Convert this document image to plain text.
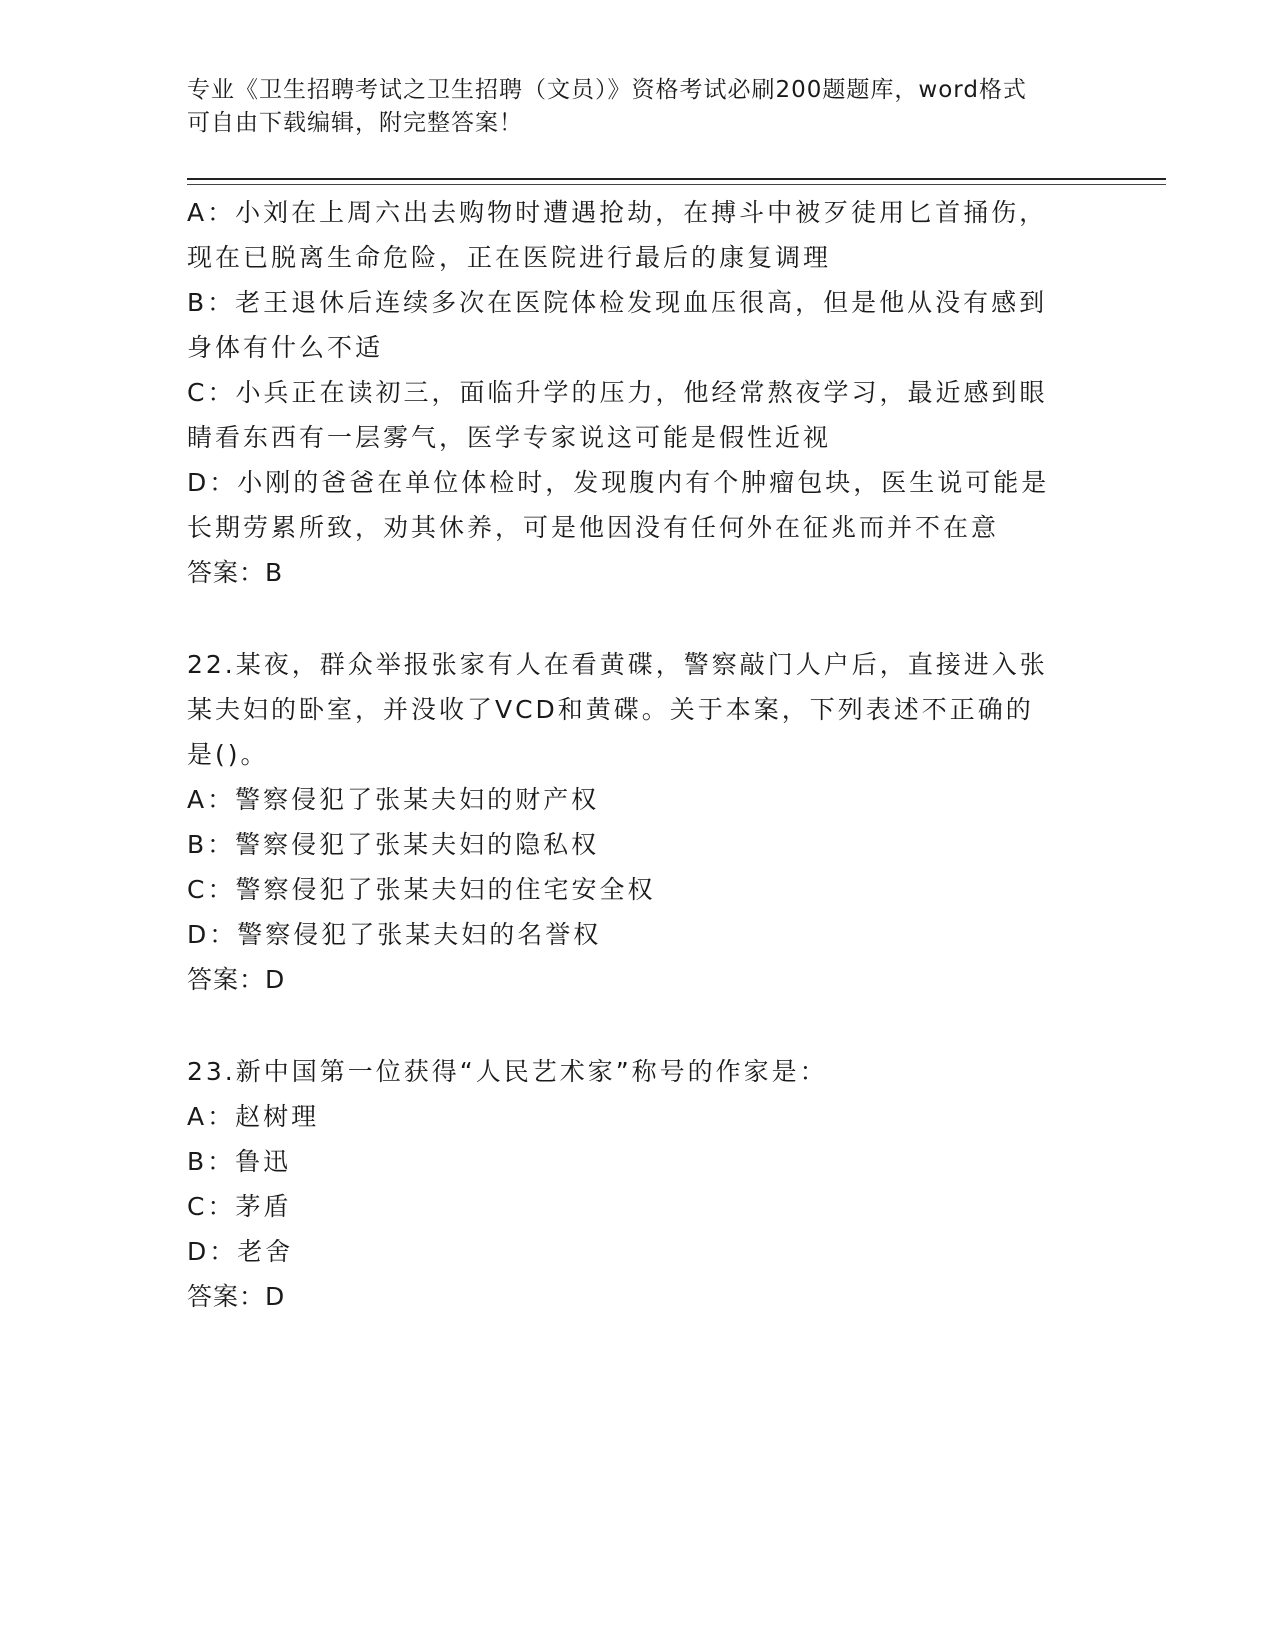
专业《卫生招聘考试之卫生招聘（文员）》资格考试必刷200题题库，word格式
可自由下载编辑，附完整答案！
A：小刘在上周六出去购物时遭遇抢劫，在搏斗中被歹徒用匕首捅伤，
现在已脱离生命危险，正在医院进行最后的康复调理
B：老王退休后连续多次在医院体检发现血压很高，但是他从没有感到
身体有什么不适
C：小兵正在读初三，面临升学的压力，他经常熬夜学习，最近感到眼
睛看东西有一层雾气，医学专家说这可能是假性近视
D：小刚的爸爸在单位体检时，发现腹内有个肿瘤包块，医生说可能是
长期劳累所致，劝其休养，可是他因没有任何外在征兆而并不在意
答案：B
22.某夜，群众举报张家有人在看黄碟，警察敲门人户后，直接进入张
某夫妇的卧室，并没收了VCD和黄碟。关于本案，下列表述不正确的
是()。
A：警察侵犯了张某夫妇的财产权
B：警察侵犯了张某夫妇的隐私权
C：警察侵犯了张某夫妇的住宅安全权
D：警察侵犯了张某夫妇的名誉权
答案：D
23.新中国第一位获得“人民艺术家”称号的作家是：
A：赵树理
B：鲁迅
C：茅盾
D：老舍
答案：D
